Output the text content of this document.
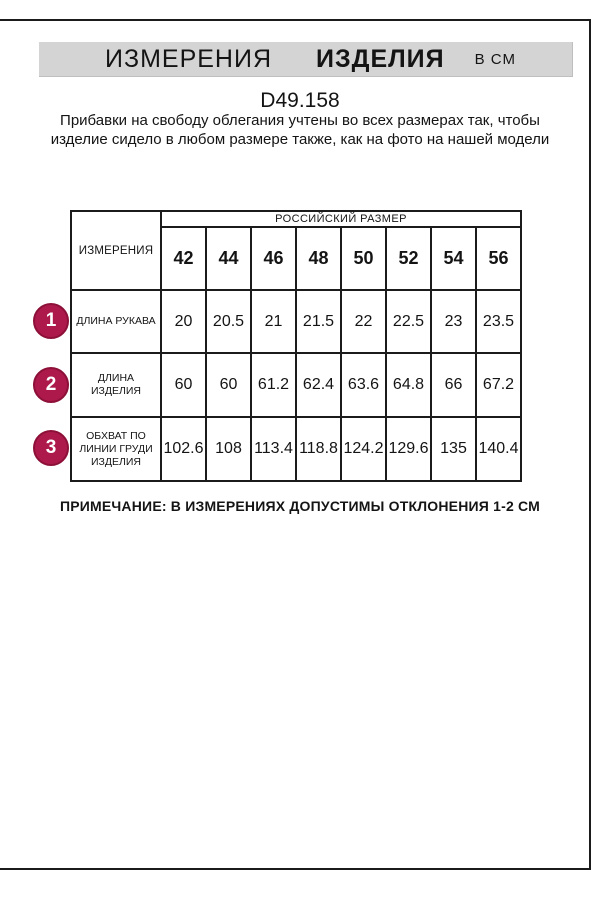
ИЗМЕРЕНИЯ ИЗДЕЛИЯ В СМ
D49.158
Прибавки на свободу облегания учтены во всех размерах так, чтобы изделие сидело в любом размере также, как на фото на нашей модели
ИЗМЕРЕНИЯ	РОССИЙСКИЙ РАЗМЕР							
	42	44	46	48	50	52	54	56
ДЛИНА РУКАВА	20	20.5	21	21.5	22	22.5	23	23.5
ДЛИНА ИЗДЕЛИЯ	60	60	61.2	62.4	63.6	64.8	66	67.2
ОБХВАТ ПО ЛИНИИ ГРУДИ ИЗДЕЛИЯ	102.6	108	113.4	118.8	124.2	129.6	135	140.4
1
2
3
ПРИМЕЧАНИЕ: В ИЗМЕРЕНИЯХ ДОПУСТИМЫ ОТКЛОНЕНИЯ 1-2 СМ
